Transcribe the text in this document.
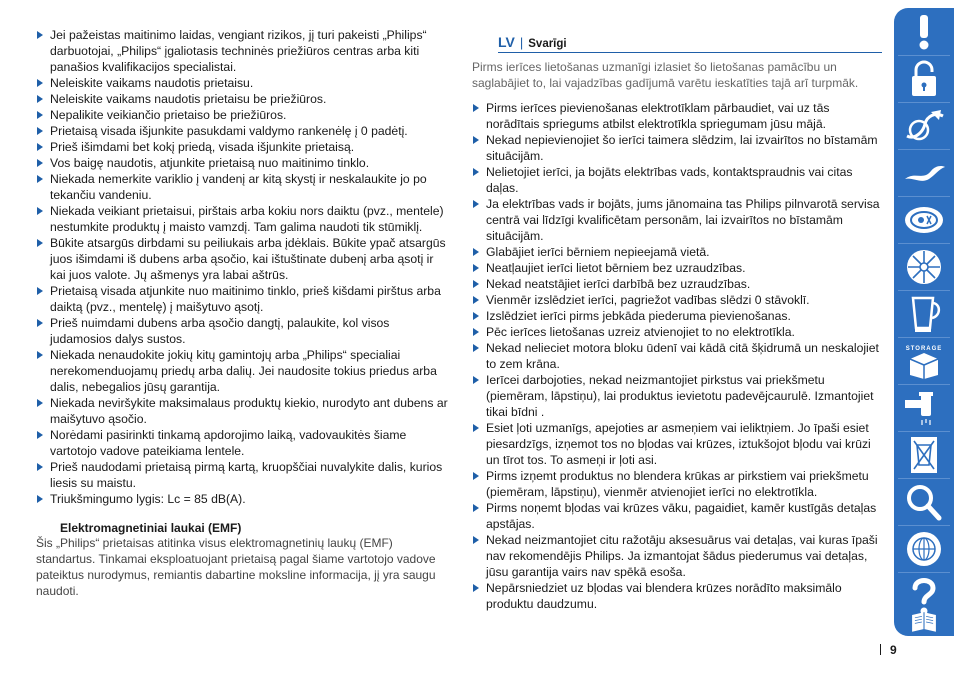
Jei pažeistas maitinimo laidas, vengiant rizikos, jį turi pakeisti „Philips“ darbuotojai, „Philips“ įgaliotasis techninės priežiūros centras arba kiti panašios kvalifikacijos specialistai.
Neleiskite vaikams naudotis prietaisu.
Neleiskite vaikams naudotis prietaisu be priežiūros.
Nepalikite veikiančio prietaiso be priežiūros.
Prietaisą visada išjunkite pasukdami valdymo rankenėlę į 0 padėtį.
Prieš išimdami bet kokį priedą, visada išjunkite prietaisą.
Vos baigę naudotis, atjunkite prietaisą nuo maitinimo tinklo.
Niekada nemerkite variklio į vandenį ar kitą skystį ir neskalaukite jo po tekančiu vandeniu.
Niekada veikiant prietaisui, pirštais arba kokiu nors daiktu (pvz., mentele) nestumkite produktų į maisto vamzdį. Tam galima naudoti tik stūmiklį.
Būkite atsargūs dirbdami su peiliukais arba įdėklais. Būkite ypač atsargūs juos išimdami iš dubens arba ąsočio, kai ištuštinate dubenį arba ąsotį ir kai juos valote. Jų ašmenys yra labai aštrūs.
Prietaisą visada atjunkite nuo maitinimo tinklo, prieš kišdami pirštus arba daiktą (pvz., mentelę) į maišytuvo ąsotį.
Prieš nuimdami dubens arba ąsočio dangtį, palaukite, kol visos judamosios dalys sustos.
Niekada nenaudokite jokių kitų gamintojų arba „Philips“ specialiai nerekomenduojamų priedų arba dalių. Jei naudosite tokius priedus arba dalis, nebegalios jūsų garantija.
Niekada neviršykite maksimalaus produktų kiekio, nurodyto ant dubens ar maišytuvo ąsočio.
Norėdami pasirinkti tinkamą apdorojimo laiką, vadovaukitės šiame vartotojo vadove pateikiama lentele.
Prieš naudodami prietaisą pirmą kartą, kruopščiai nuvalykite dalis, kurios liesis su maistu.
Triukšmingumo lygis: Lc = 85 dB(A).
Elektromagnetiniai laukai (EMF)

Šis „Philips“ prietaisas atitinka visus elektromagnetinių laukų (EMF) standartus. Tinkamai eksploatuojant prietaisą pagal šiame vartotojo vadove pateiktus nurodymus, remiantis dabartine moksline informacija, jį yra saugu naudoti.

LV | Svarīgi

Pirms ierīces lietošanas uzmanīgi izlasiet šo lietošanas pamācību un saglabājiet to, lai vajadzības gadījumā varētu ieskatīties tajā arī turpmāk.

Pirms ierīces pievienošanas elektrotīklam pārbaudiet, vai uz tās norādītais spriegums atbilst elektrotīkla spriegumam jūsu mājā.
Nekad nepievienojiet šo ierīci taimera slēdzim, lai izvairītos no bīstamām situācijām.
Nelietojiet ierīci, ja bojāts elektrības vads, kontaktspraudnis vai citas daļas.
Ja elektrības vads ir bojāts, jums jānomaina tas Philips pilnvarotā servisa centrā vai līdzīgi kvalificētam personām, lai izvairītos no bīstamām situācijām.
Glabājiet ierīci bērniem nepieejamā vietā.
Neatļaujiet ierīci lietot bērniem bez uzraudzības.
Nekad neatstājiet ierīci darbībā bez uzraudzības.
Vienmēr izslēdziet ierīci, pagriežot vadības slēdzi 0 stāvoklī.
Izslēdziet ierīci pirms jebkāda piederuma pievienošanas.
Pēc ierīces lietošanas uzreiz atvienojiet to no elektrotīkla.
Nekad nelieciet motora bloku ūdenī vai kādā citā šķidrumā un neskalojiet to zem krāna.
Ierīcei darbojoties, nekad neizmantojiet pirkstus vai priekšmetu (piemēram, lāpstiņu), lai produktus ievietotu padevējcaurulē. Izmantojiet tikai bīdni .
Esiet ļoti uzmanīgs, apejoties ar asmeņiem vai ieliktņiem. Jo īpaši esiet piesardzīgs, izņemot tos no bļodas vai krūzes, iztukšojot bļodu vai krūzi un tīrot tos. To asmeņi ir ļoti asi.
Pirms izņemt produktus no blendera krūkas ar pirkstiem vai priekšmetu (piemēram, lāpstiņu), vienmēr atvienojiet ierīci no elektrotīkla.
Pirms noņemt bļodas vai krūzes vāku, pagaidiet, kamēr kustīgās detaļas apstājas.
Nekad neizmantojiet citu ražotāju aksesuārus vai detaļas, vai kuras īpaši nav rekomendējis Philips. Ja izmantojat šādus piederumus vai detaļas, jūsu garantija vairs nav spēkā esoša.
Nepārsniedziet uz bļodas vai blendera krūzes norādīto maksimālo produktu daudzumu.
9
STORAGE
